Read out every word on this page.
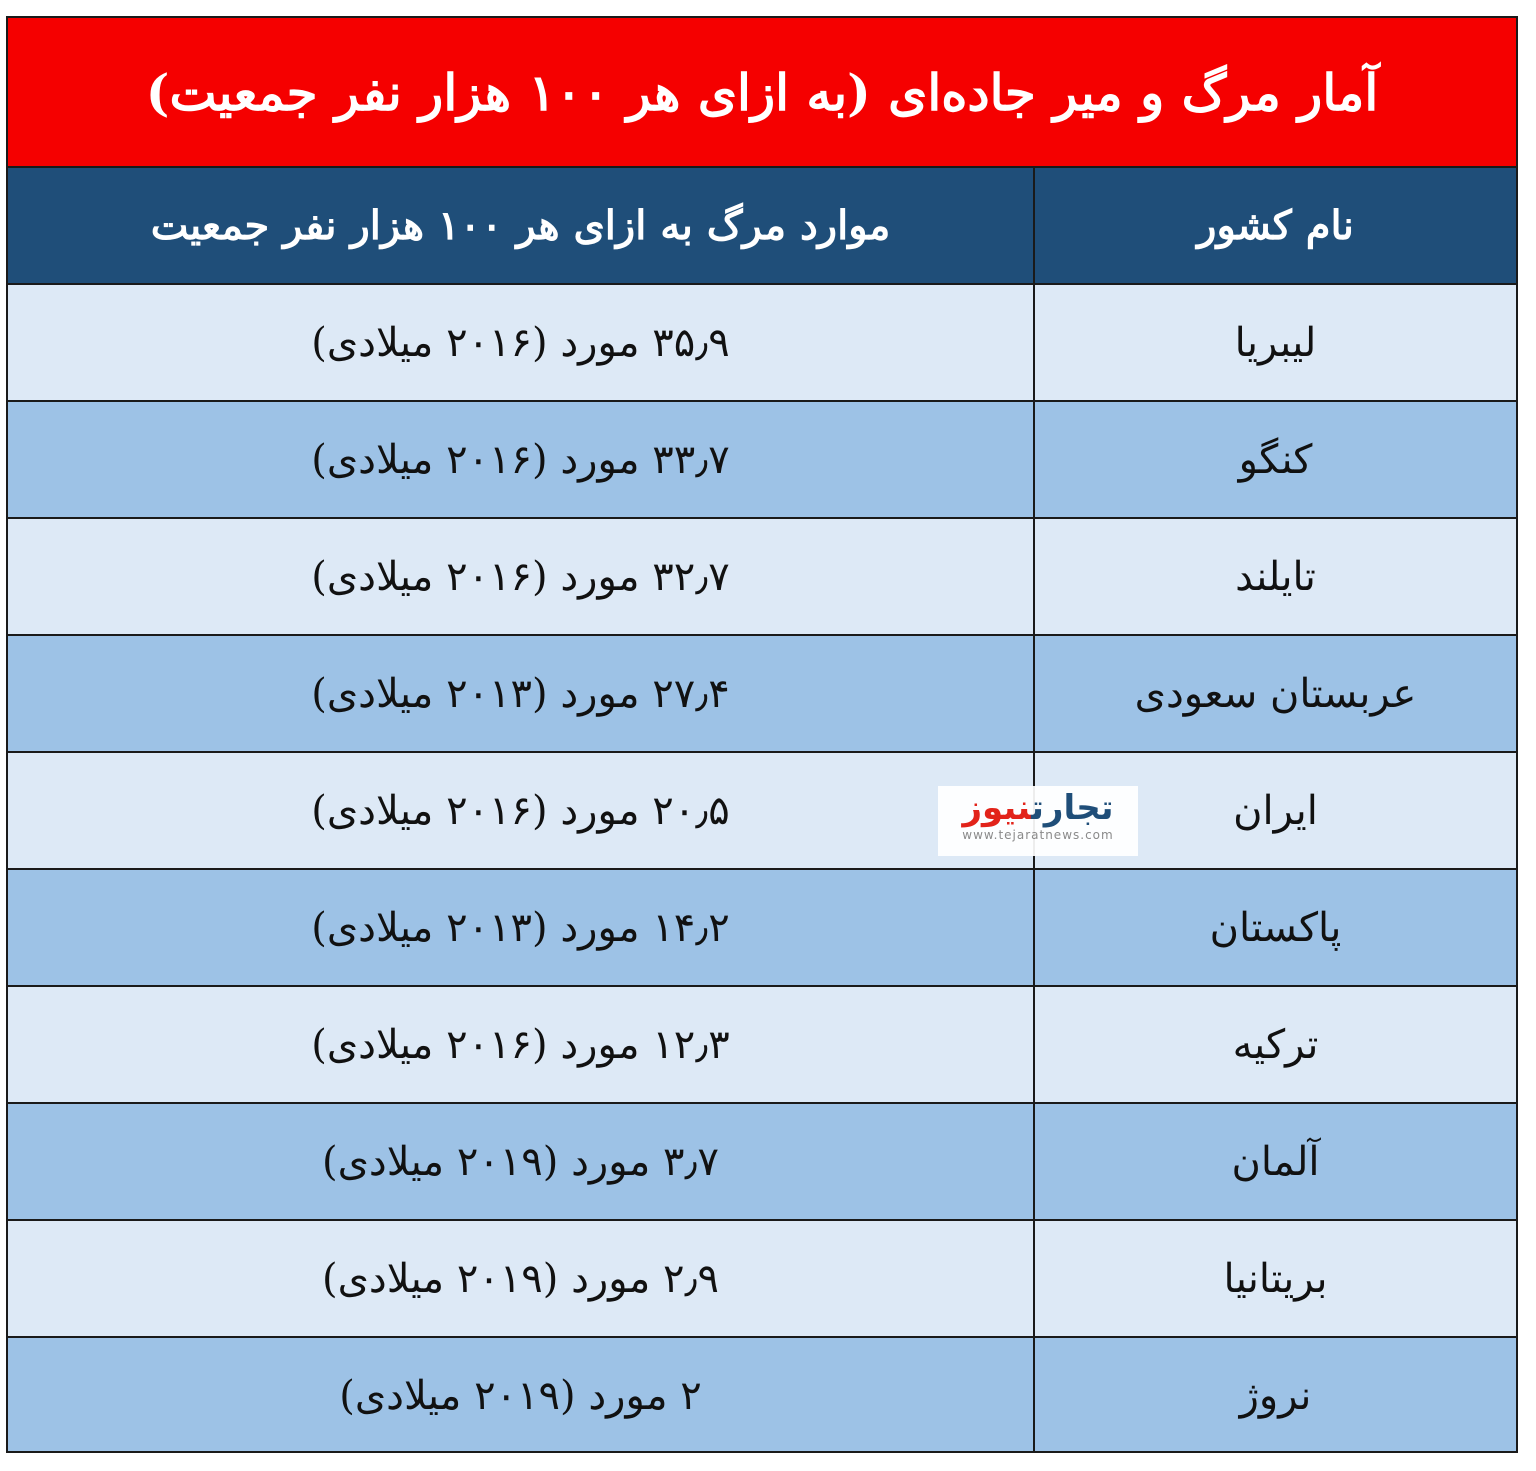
آمار مرگ و میر جاده‌ای (به ازای هر ۱۰۰ هزار نفر جمعیت)
نام کشور	موارد مرگ به ازای هر ۱۰۰ هزار نفر جمعیت
لیبریا	۳۵٫۹ مورد (۲۰۱۶ میلادی)
کنگو	۳۳٫۷ مورد (۲۰۱۶ میلادی)
تایلند	۳۲٫۷ مورد (۲۰۱۶ میلادی)
عربستان سعودی	۲۷٫۴ مورد (۲۰۱۳ میلادی)
ایران	۲۰٫۵ مورد (۲۰۱۶ میلادی)
پاکستان	۱۴٫۲ مورد (۲۰۱۳ میلادی)
ترکیه	۱۲٫۳ مورد (۲۰۱۶ میلادی)
آلمان	۳٫۷ مورد (۲۰۱۹ میلادی)
بریتانیا	۲٫۹ مورد (۲۰۱۹ میلادی)
نروژ	۲ مورد (۲۰۱۹ میلادی)
تجارتنیوز
www.tejaratnews.com
